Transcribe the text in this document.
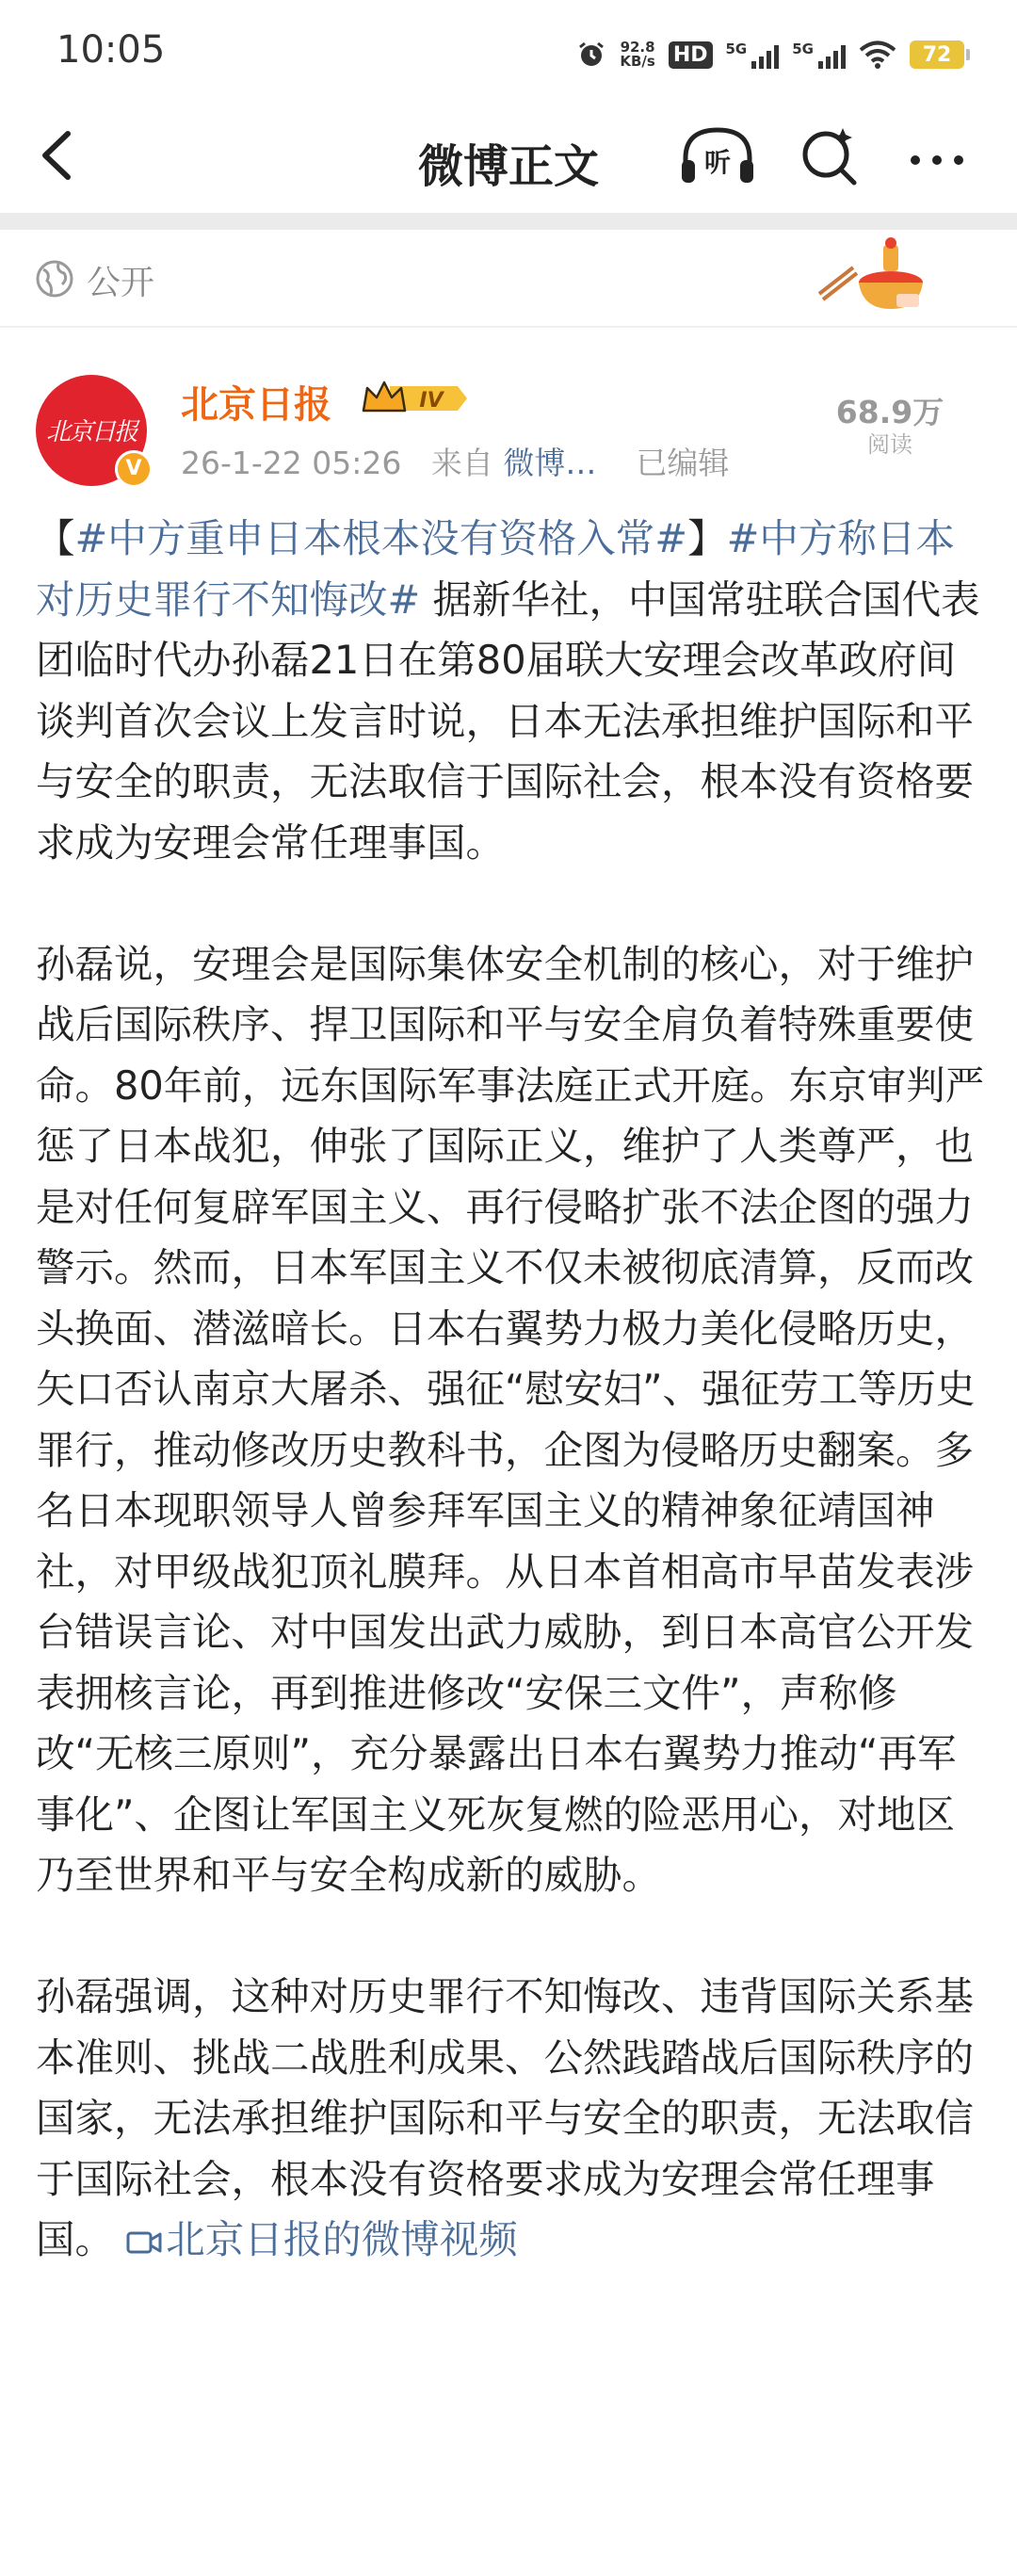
10:05	92.8
KB/s HD	5G	5G	72
微博正文	听
公开
北京日报
V
北京日报	IV
26-1-22 05:26 来自 微博… 已编辑
68.9万
阅读

【#中方重申日本根本没有资格入常#】#中方称日本对历史罪行不知悔改# 据新华社，中国常驻联合国代表团临时代办孙磊21日在第80届联大安理会改革政府间谈判首次会议上发言时说，日本无法承担维护国际和平与安全的职责，无法取信于国际社会，根本没有资格要求成为安理会常任理事国。

孙磊说，安理会是国际集体安全机制的核心，对于维护战后国际秩序、捍卫国际和平与安全肩负着特殊重要使命。80年前，远东国际军事法庭正式开庭。东京审判严惩了日本战犯，伸张了国际正义，维护了人类尊严，也是对任何复辟军国主义、再行侵略扩张不法企图的强力警示。然而，日本军国主义不仅未被彻底清算，反而改头换面、潜滋暗长。日本右翼势力极力美化侵略历史，矢口否认南京大屠杀、强征“慰安妇”、强征劳工等历史罪行，推动修改历史教科书，企图为侵略历史翻案。多名日本现职领导人曾参拜军国主义的精神象征靖国神社，对甲级战犯顶礼膜拜。从日本首相高市早苗发表涉台错误言论、对中国发出武力威胁，到日本高官公开发表拥核言论，再到推进修改“安保三文件”，声称修改“无核三原则”，充分暴露出日本右翼势力推动“再军事化”、企图让军国主义死灰复燃的险恶用心，对地区乃至世界和平与安全构成新的威胁。

孙磊强调，这种对历史罪行不知悔改、违背国际关系基本准则、挑战二战胜利成果、公然践踏战后国际秩序的国家，无法承担维护国际和平与安全的职责，无法取信于国际社会，根本没有资格要求成为安理会常任理事国。 北京日报的微博视频
